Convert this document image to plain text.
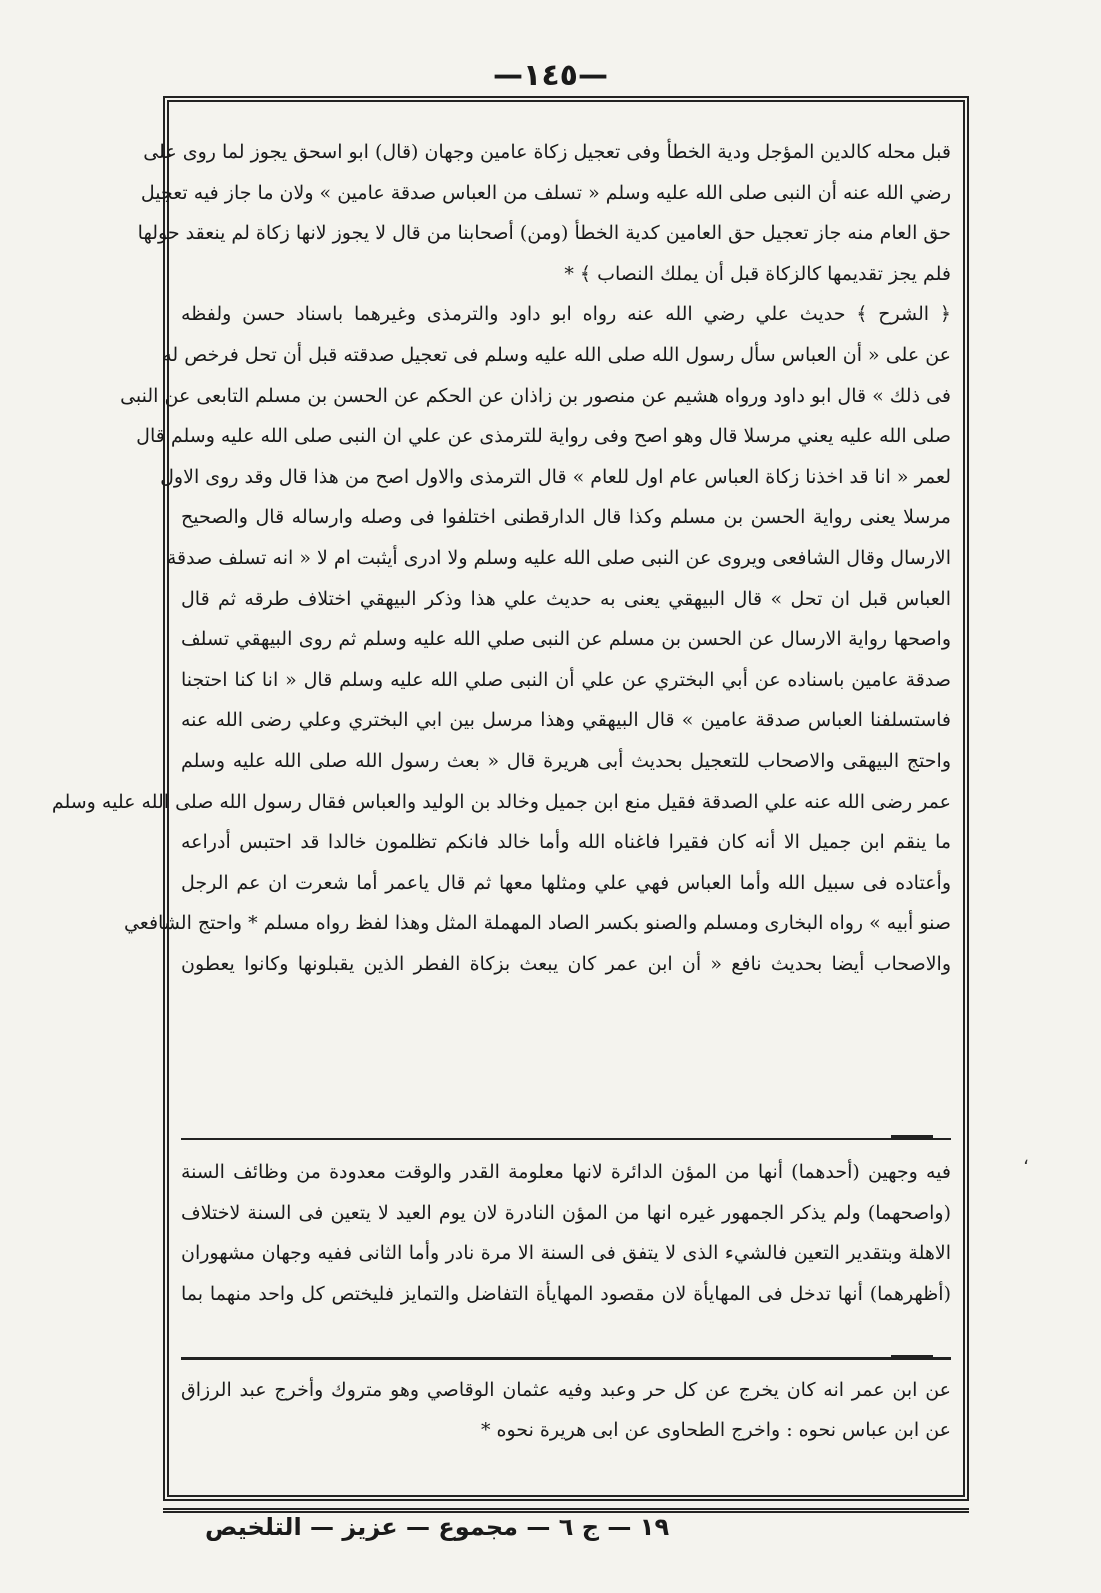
—١٤٥—
قبل محله كالدين المؤجل ودية الخطأ وفى تعجيل زكاة عامين وجهان (قال) ابو اسحق يجوز لما روى على
رضي الله عنه أن النبى صلى الله عليه وسلم « تسلف من العباس صدقة عامين » ولان ما جاز فيه تعجيل
حق العام منه جاز تعجيل حق العامين كدية الخطأ (ومن) أصحابنا من قال لا يجوز لانها زكاة لم ينعقد حولها
فلم يجز تقديمها كالزكاة قبل أن يملك النصاب ﴾ *
﴿ الشرح ﴾ حديث علي رضي الله عنه رواه ابو داود والترمذى وغيرهما باسناد حسن ولفظه
عن على « أن العباس سأل رسول الله صلى الله عليه وسلم فى تعجيل صدقته قبل أن تحل فرخص له
فى ذلك » قال ابو داود ورواه هشيم عن منصور بن زاذان عن الحكم عن الحسن بن مسلم التابعى عن النبى
صلى الله عليه يعني مرسلا قال وهو اصح وفى رواية للترمذى عن علي ان النبى صلى الله عليه وسلم قال
لعمر « انا قد اخذنا زكاة العباس عام اول للعام » قال الترمذى والاول اصح من هذا قال وقد روى الاول
مرسلا يعنى رواية الحسن بن مسلم وكذا قال الدارقطنى اختلفوا فى وصله وارساله قال والصحيح
الارسال وقال الشافعى ويروى عن النبى صلى الله عليه وسلم ولا ادرى أيثبت ام لا « انه تسلف صدقة
العباس قبل ان تحل » قال البيهقي يعنى به حديث علي هذا وذكر البيهقي اختلاف طرقه ثم قال
واصحها رواية الارسال عن الحسن بن مسلم عن النبى صلي الله عليه وسلم ثم روى البيهقي تسلف
صدقة عامين باسناده عن أبي البختري عن علي أن النبى صلي الله عليه وسلم قال « انا كنا احتجنا
فاستسلفنا العباس صدقة عامين » قال البيهقي وهذا مرسل بين ابي البختري وعلي رضى الله عنه
واحتج البيهقى والاصحاب للتعجيل بحديث أبى هريرة قال « بعث رسول الله صلى الله عليه وسلم
عمر رضى الله عنه علي الصدقة فقيل منع ابن جميل وخالد بن الوليد والعباس فقال رسول الله صلى الله عليه وسلم
ما ينقم ابن جميل الا أنه كان فقيرا فاغناه الله وأما خالد فانكم تظلمون خالدا قد احتبس أدراعه
وأعتاده فى سبيل الله وأما العباس فهي علي ومثلها معها ثم قال ياعمر أما شعرت ان عم الرجل
صنو أبيه » رواه البخارى ومسلم والصنو بكسر الصاد المهملة المثل وهذا لفظ رواه مسلم * واحتج الشافعي
والاصحاب أيضا بحديث نافع « أن ابن عمر كان يبعث بزكاة الفطر الذين يقبلونها وكانوا يعطون
فيه وجهين (أحدهما) أنها من المؤن الدائرة لانها معلومة القدر والوقت معدودة من وظائف السنة
(واصحهما) ولم يذكر الجمهور غيره انها من المؤن النادرة لان يوم العيد لا يتعين فى السنة لاختلاف
الاهلة وبتقدير التعين فالشيء الذى لا يتفق فى السنة الا مرة نادر وأما الثانى ففيه وجهان مشهوران
(أظهرهما) أنها تدخل فى المهايأة لان مقصود المهايأة التفاضل والتمايز فليختص كل واحد منهما بما
عن ابن عمر انه كان يخرج عن كل حر وعبد وفيه عثمان الوقاصي وهو متروك وأخرج عبد الرزاق
عن ابن عباس نحوه : واخرج الطحاوى عن ابى هريرة نحوه *
،
١٩ — ج ٦ — مجموع — عزيز — التلخيص
